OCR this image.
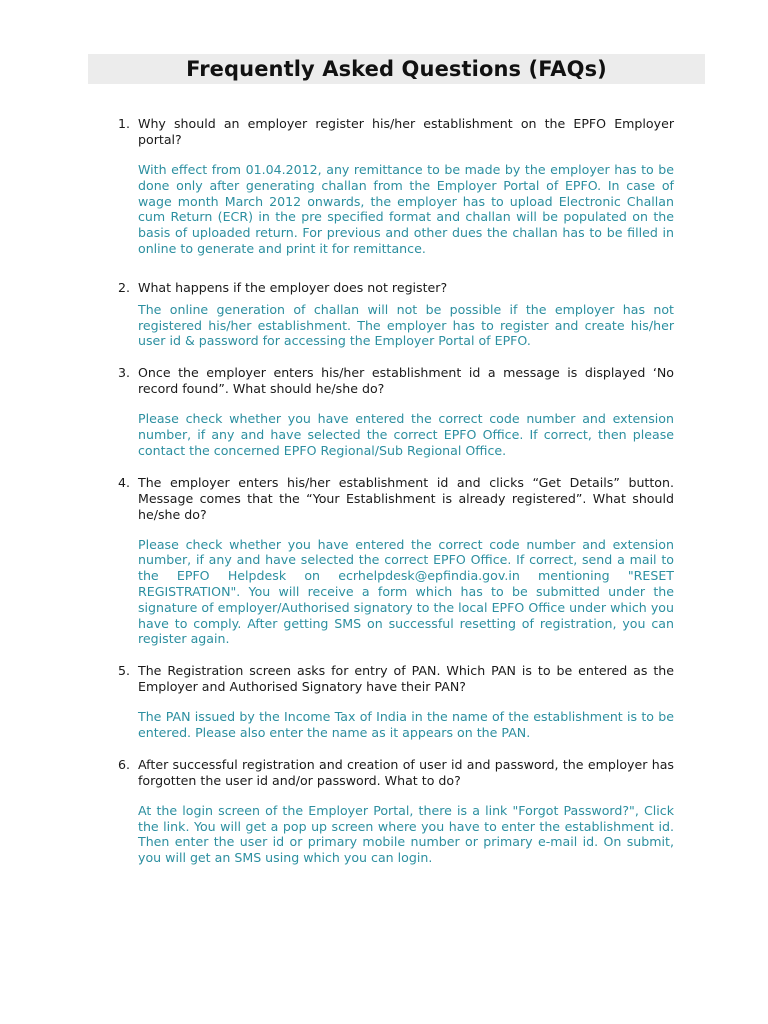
Frequently Asked Questions (FAQs)
1. Why should an employer register his/her establishment on the EPFO Employer portal?
With effect from 01.04.2012, any remittance to be made by the employer has to be done only after generating challan from the Employer Portal of EPFO. In case of wage month March 2012 onwards, the employer has to upload Electronic Challan cum Return (ECR) in the pre specified format and challan will be populated on the basis of uploaded return. For previous and other dues the challan has to be filled in online to generate and print it for remittance.
2. What happens if the employer does not register?
The online generation of challan will not be possible if the employer has not registered his/her establishment. The employer has to register and create his/her user id & password for accessing the Employer Portal of EPFO.
3. Once the employer enters his/her establishment id a message is displayed ‘No record found”. What should he/she do?
Please check whether you have entered the correct code number and extension number, if any and have selected the correct EPFO Office. If correct, then please contact the concerned EPFO Regional/Sub Regional Office.
4. The employer enters his/her establishment id and clicks “Get Details” button. Message comes that the “Your Establishment is already registered”. What should he/she do?
Please check whether you have entered the correct code number and extension number, if any and have selected the correct EPFO Office. If correct, send a mail to the EPFO Helpdesk on ecrhelpdesk@epfindia.gov.in mentioning "RESET REGISTRATION". You will receive a form which has to be submitted under the signature of employer/Authorised signatory to the local EPFO Office under which you have to comply. After getting SMS on successful resetting of registration, you can register again.
5. The Registration screen asks for entry of PAN. Which PAN is to be entered as the Employer and Authorised Signatory have their PAN?
The PAN issued by the Income Tax of India in the name of the establishment is to be entered. Please also enter the name as it appears on the PAN.
6. After successful registration and creation of user id and password, the employer has forgotten the user id and/or password. What to do?
At the login screen of the Employer Portal, there is a link "Forgot Password?", Click the link. You will get a pop up screen where you have to enter the establishment id. Then enter the user id or primary mobile number or primary e-mail id. On submit, you will get an SMS using which you can login.
